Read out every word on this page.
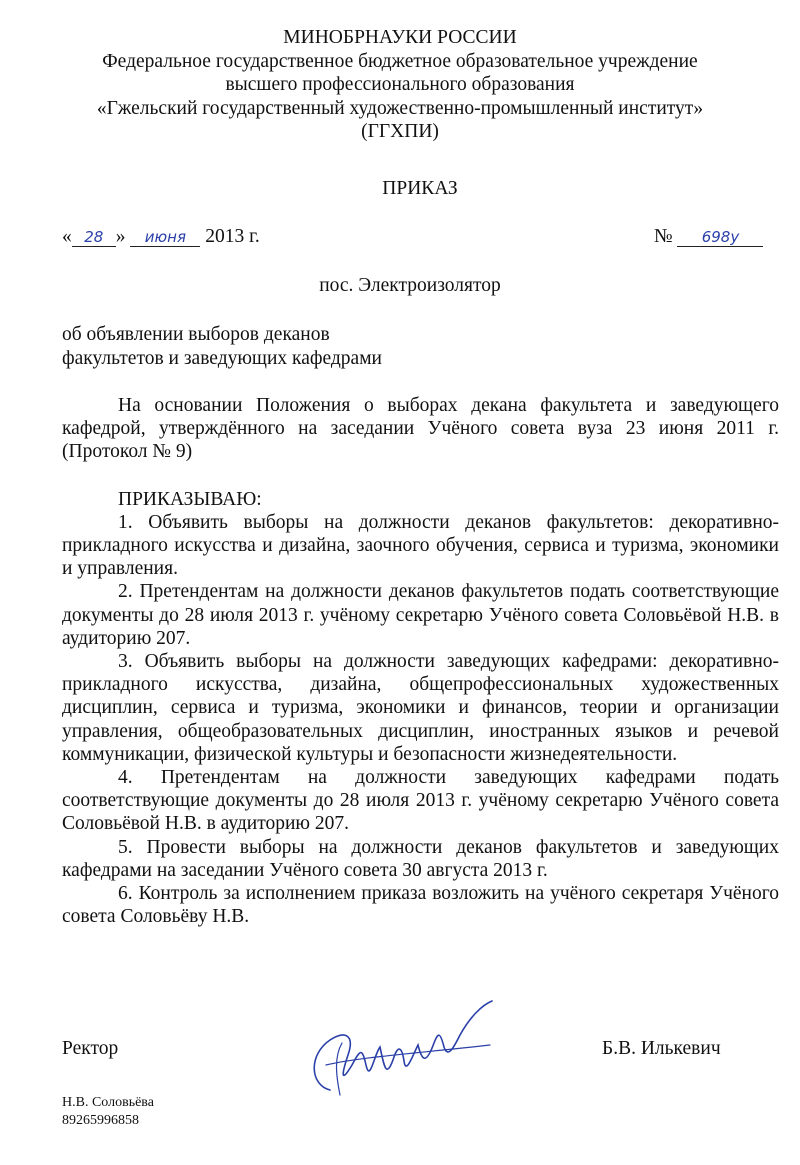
МИНОБРНАУКИ РОССИИ
Федеральное государственное бюджетное образовательное учреждение
высшего профессионального образования
«Гжельский государственный художественно-промышленный институт»
(ГГХПИ)
ПРИКАЗ
« 28 » июня 2013 г.	№ 698у
пос. Электроизолятор
об объявлении выборов деканов
факультетов и заведующих кафедрами

На основании Положения о выборах декана факультета и заведующего кафедрой, утверждённого на заседании Учёного совета вуза 23 июня 2011 г. (Протокол № 9)

ПРИКАЗЫВАЮ:

1. Объявить выборы на должности деканов факультетов: декоративно-прикладного искусства и дизайна, заочного обучения, сервиса и туризма, экономики и управления.

2. Претендентам на должности деканов факультетов подать соответствующие документы до 28 июля 2013 г. учёному секретарю Учёного совета Соловьёвой Н.В. в аудиторию 207.

3. Объявить выборы на должности заведующих кафедрами: декоративно-прикладного искусства, дизайна, общепрофессиональных художественных дисциплин, сервиса и туризма, экономики и финансов, теории и организации управления, общеобразовательных дисциплин, иностранных языков и речевой коммуникации, физической культуры и безопасности жизнедеятельности.

4. Претендентам на должности заведующих кафедрами подать соответствующие документы до 28 июля 2013 г. учёному секретарю Учёного совета Соловьёвой Н.В. в аудиторию 207.

5. Провести выборы на должности деканов факультетов и заведующих кафедрами на заседании Учёного совета 30 августа 2013 г.

6. Контроль за исполнением приказа возложить на учёного секретаря Учёного совета Соловьёву Н.В.

Ректор	Б.В. Илькевич
Н.В. Соловьёва
89265996858
